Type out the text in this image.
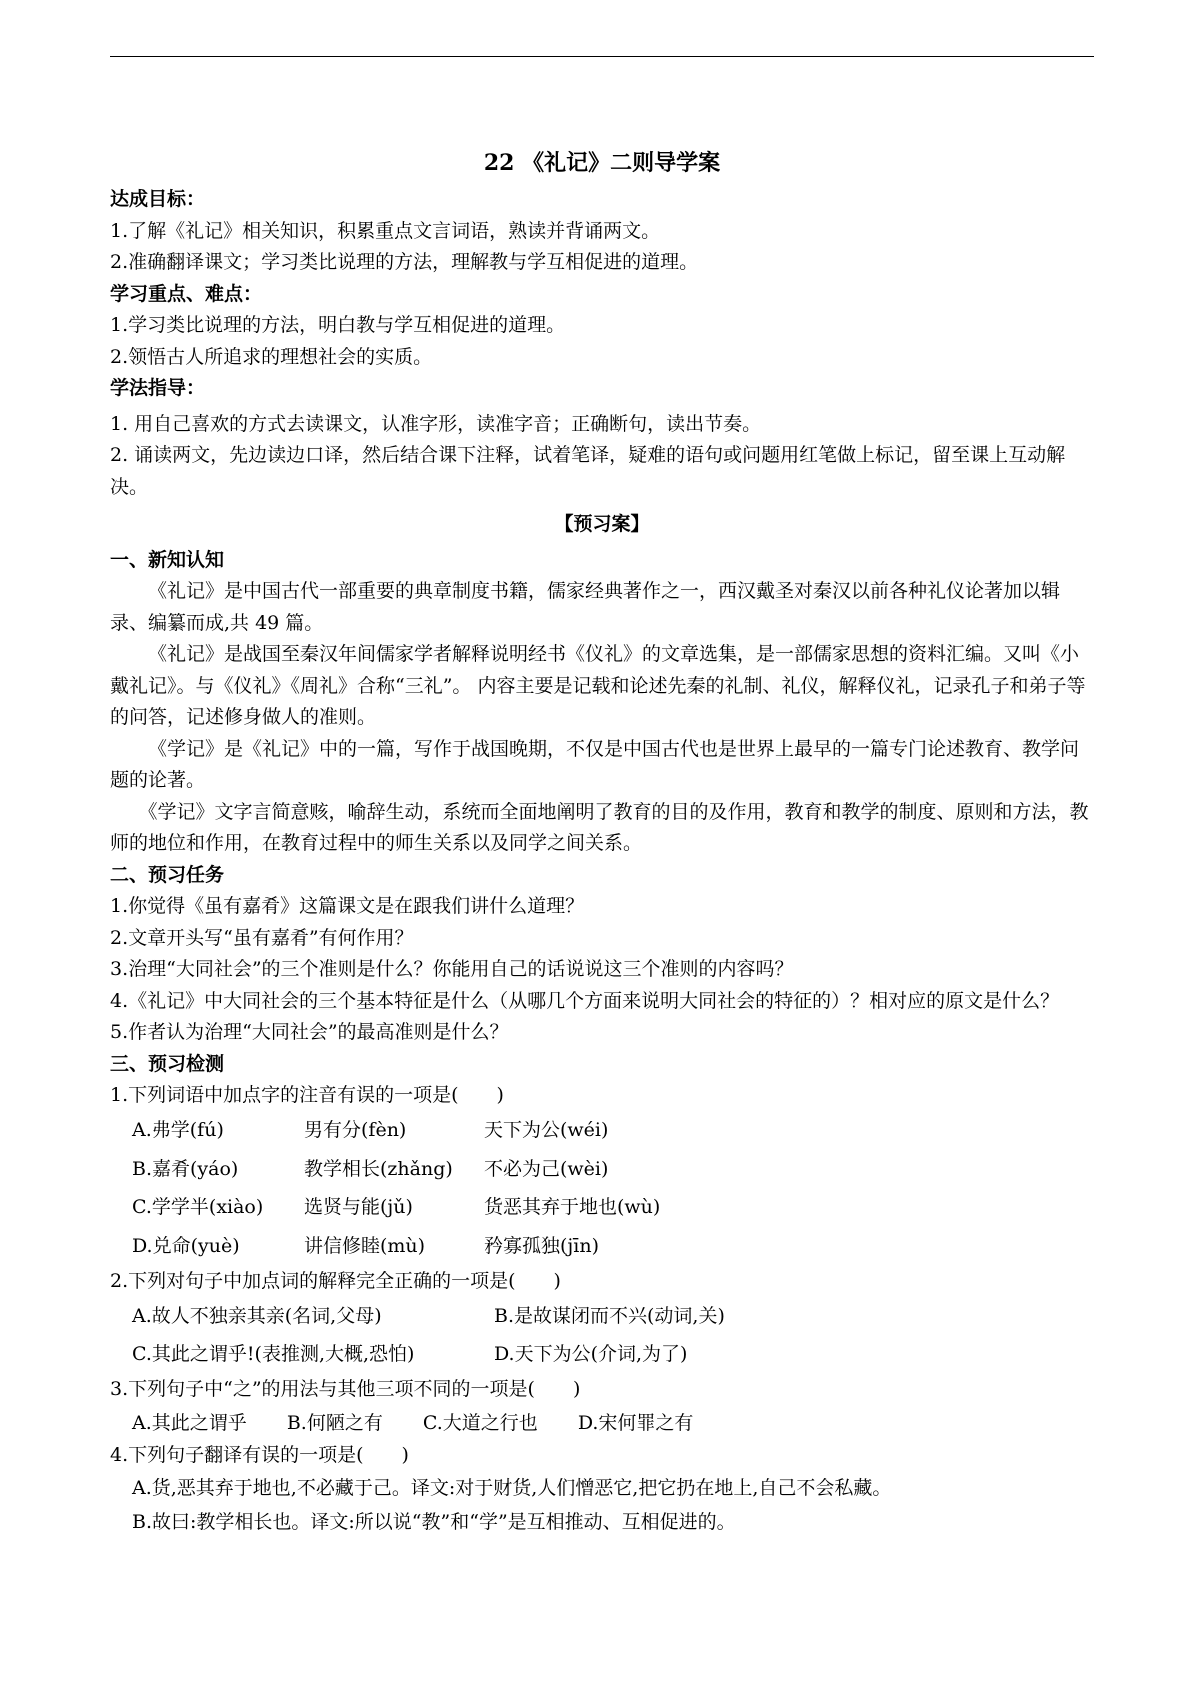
22 《礼记》二则导学案
达成目标：
1.了解《礼记》相关知识，积累重点文言词语，熟读并背诵两文。
2.准确翻译课文；学习类比说理的方法，理解教与学互相促进的道理。
学习重点、难点：
1.学习类比说理的方法，明白教与学互相促进的道理。
2.领悟古人所追求的理想社会的实质。
学法指导：
1. 用自己喜欢的方式去读课文，认准字形，读准字音；正确断句，读出节奏。
2. 诵读两文，先边读边口译，然后结合课下注释，试着笔译，疑难的语句或问题用红笔做上标记，留至课上互动解决。
【预习案】
一、新知认知
《礼记》是中国古代一部重要的典章制度书籍，儒家经典著作之一，西汉戴圣对秦汉以前各种礼仪论著加以辑录、编纂而成,共 49 篇。
《礼记》是战国至秦汉年间儒家学者解释说明经书《仪礼》的文章选集，是一部儒家思想的资料汇编。又叫《小戴礼记》。与《仪礼》《周礼》合称“三礼”。 内容主要是记载和论述先秦的礼制、礼仪，解释仪礼，记录孔子和弟子等的问答，记述修身做人的准则。
《学记》是《礼记》中的一篇，写作于战国晚期，不仅是中国古代也是世界上最早的一篇专门论述教育、教学问题的论著。
《学记》文字言简意赅，喻辞生动，系统而全面地阐明了教育的目的及作用，教育和教学的制度、原则和方法，教师的地位和作用，在教育过程中的师生关系以及同学之间关系。
二、预习任务
1.你觉得《虽有嘉肴》这篇课文是在跟我们讲什么道理？
2.文章开头写“虽有嘉肴”有何作用？
3.治理“大同社会”的三个准则是什么？你能用自己的话说说这三个准则的内容吗？
4.《礼记》中大同社会的三个基本特征是什么（从哪几个方面来说明大同社会的特征的）？相对应的原文是什么？
5.作者认为治理“大同社会”的最高准则是什么？
三、预习检测
1.下列词语中加点字的注音有误的一项是(　　)
A.弗学(fú)	男有分(fèn)	天下为公(wéi)
B.嘉肴(yáo)	教学相长(zhǎng)	不必为己(wèi)
C.学学半(xiào)	选贤与能(jǔ)	货恶其弃于地也(wù)
D.兑命(yuè)	讲信修睦(mù)	矜寡孤独(jīn)
2.下列对句子中加点词的解释完全正确的一项是(　　)
A.故人不独亲其亲(名词,父母)	B.是故谋闭而不兴(动词,关)
C.其此之谓乎!(表推测,大概,恐怕)	D.天下为公(介词,为了)
3.下列句子中“之”的用法与其他三项不同的一项是(　　)
A.其此之谓乎 B.何陋之有 C.大道之行也 D.宋何罪之有
4.下列句子翻译有误的一项是(　　)
A.货,恶其弃于地也,不必藏于己。译文:对于财货,人们憎恶它,把它扔在地上,自己不会私藏。
B.故曰:教学相长也。译文:所以说“教”和“学”是互相推动、互相促进的。
